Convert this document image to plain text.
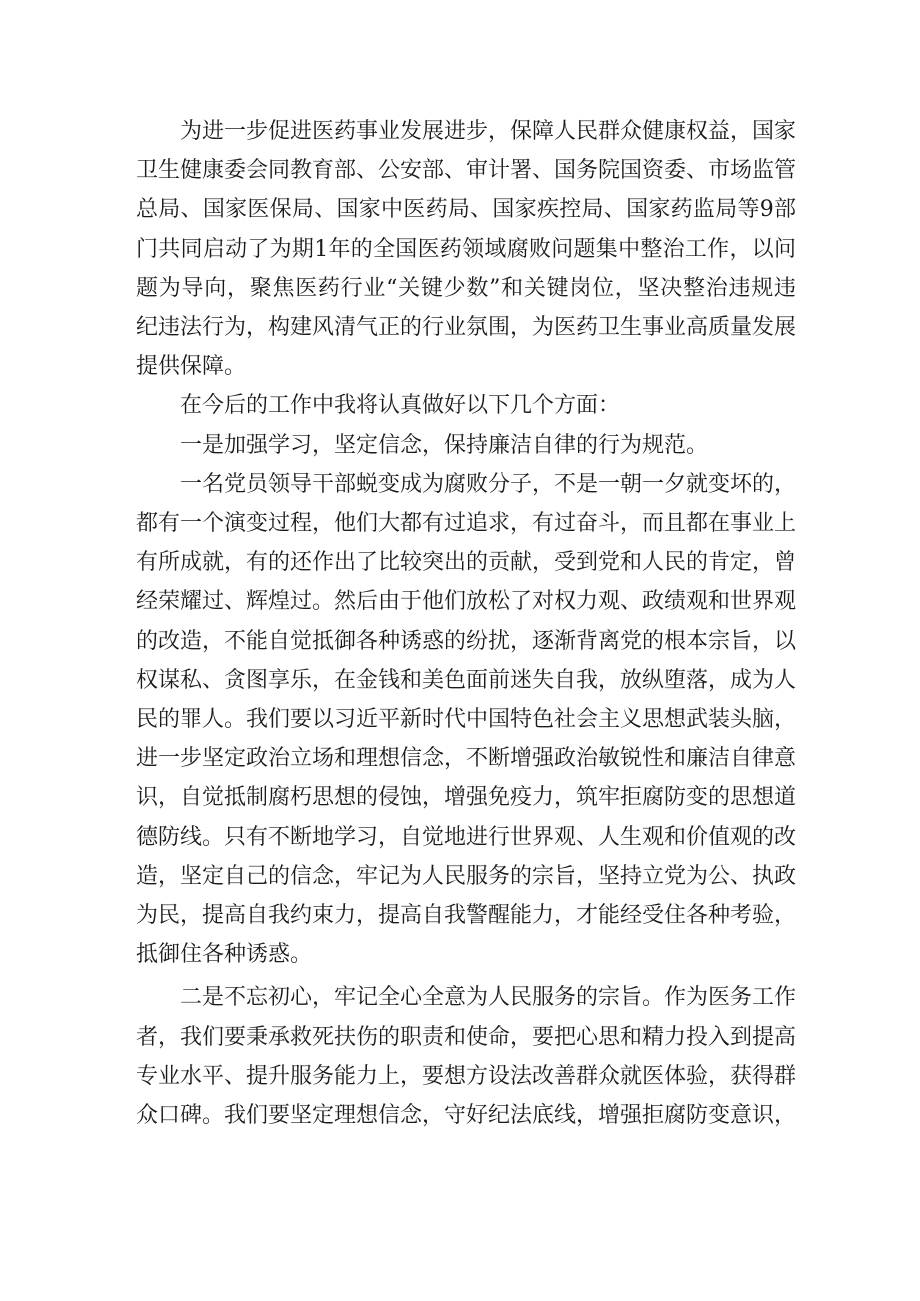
为进一步促进医药事业发展进步，保障人民群众健康权益，国家卫生健康委会同教育部、公安部、审计署、国务院国资委、市场监管总局、国家医保局、国家中医药局、国家疾控局、国家药监局等9部门共同启动了为期1年的全国医药领域腐败问题集中整治工作，以问题为导向，聚焦医药行业“关键少数”和关键岗位，坚决整治违规违纪违法行为，构建风清气正的行业氛围，为医药卫生事业高质量发展提供保障。

在今后的工作中我将认真做好以下几个方面：

一是加强学习，坚定信念，保持廉洁自律的行为规范。

一名党员领导干部蜕变成为腐败分子，不是一朝一夕就变坏的，都有一个演变过程，他们大都有过追求，有过奋斗，而且都在事业上有所成就，有的还作出了比较突出的贡献，受到党和人民的肯定，曾经荣耀过、辉煌过。然后由于他们放松了对权力观、政绩观和世界观的改造，不能自觉抵御各种诱惑的纷扰，逐渐背离党的根本宗旨，以权谋私、贪图享乐，在金钱和美色面前迷失自我，放纵堕落，成为人民的罪人。我们要以习近平新时代中国特色社会主义思想武装头脑，进一步坚定政治立场和理想信念，不断增强政治敏锐性和廉洁自律意识，自觉抵制腐朽思想的侵蚀，增强免疫力，筑牢拒腐防变的思想道德防线。只有不断地学习，自觉地进行世界观、人生观和价值观的改造，坚定自己的信念，牢记为人民服务的宗旨，坚持立党为公、执政为民，提高自我约束力，提高自我警醒能力，才能经受住各种考验，抵御住各种诱惑。

二是不忘初心，牢记全心全意为人民服务的宗旨。作为医务工作者，我们要秉承救死扶伤的职责和使命，要把心思和精力投入到提高专业水平、提升服务能力上，要想方设法改善群众就医体验，获得群众口碑。我们要坚定理想信念，守好纪法底线，增强拒腐防变意识，
